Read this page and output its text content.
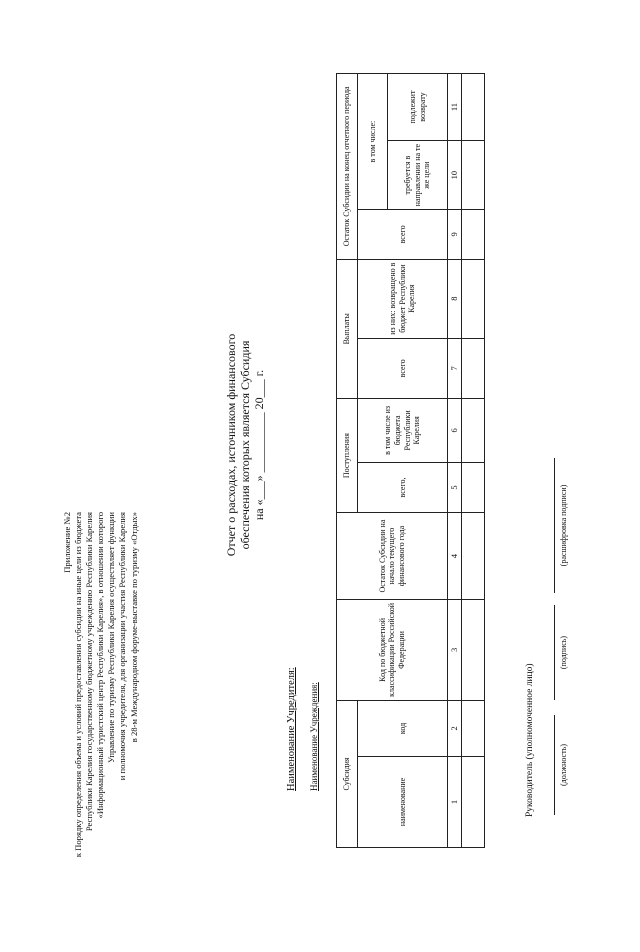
Приложение №2 к Порядку определения объема и условий предоставления субсидии на иные цели из бюджета Республики Карелия государственному бюджетному учреждению Республики Карелия «Информационный туристский центр Республики Карелия», в отношении которого Управление по туризму Республики Карелия осуществляет функции и полномочия учредителя, для организации участия Республики Карелия в 28-м Международном форуме-выставке по туризму «Отдых»
Отчет о расходах, источником финансового обеспечения которых является Субсидия на «___» __________ 20___ г.
Наименование Учредителя: Наименование Учреждения:	Субсидия		Код по бюджетной классификации Российской Федерации	Остаток Субсидии на начало текущего финансового года	Поступления		Выплаты		Остаток Субсидии на конец отчетного периода		
наименование	код			всего,	в том числе из бюджета Республики Карелия	всего	из них: возвращено в бюджет Республики Карелия	всего	в том числе:	
									требуется в направлении на те же цели	подлежит возврату
1	2	3	4	5	6	7	8	9	10	11

Руководитель (уполномоченное лицо)	(должность)
(подпись)
(расшифровка подписи)
